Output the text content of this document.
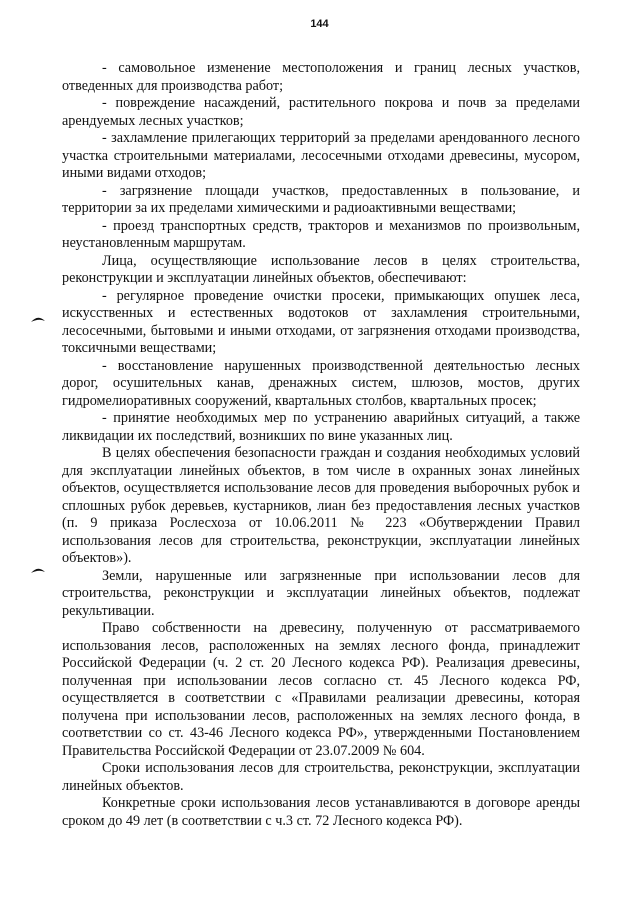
144

- самовольное изменение местоположения и границ лесных участков, отведенных для производства работ;

- повреждение насаждений, растительного покрова и почв за пределами арендуемых лесных участков;

- захламление прилегающих территорий за пределами арендованного лесного участка строительными материалами, лесосечными отходами древесины, мусором, иными видами отходов;

- загрязнение площади участков, предоставленных в пользование, и территории за их пределами химическими и радиоактивными веществами;

- проезд транспортных средств, тракторов и механизмов по произвольным, неустановленным маршрутам.

Лица, осуществляющие использование лесов в целях строительства, реконструкции и эксплуатации линейных объектов, обеспечивают:

- регулярное проведение очистки просеки, примыкающих опушек леса, искусственных и естественных водотоков от захламления строительными, лесосечными, бытовыми и иными отходами, от загрязнения отходами производства, токсичными веществами;

- восстановление нарушенных производственной деятельностью лесных дорог, осушительных канав, дренажных систем, шлюзов, мостов, других гидромелиоративных сооружений, квартальных столбов, квартальных просек;

- принятие необходимых мер по устранению аварийных ситуаций, а также ликвидации их последствий, возникших по вине указанных лиц.

В целях обеспечения безопасности граждан и создания необходимых условий для эксплуатации линейных объектов, в том числе в охранных зонах линейных объектов, осуществляется использование лесов для проведения выборочных рубок и сплошных рубок деревьев, кустарников, лиан без предоставления лесных участков (п. 9 приказа Рослесхоза от 10.06.2011 № 223 «Обутверждении Правил использования лесов для строительства, реконструкции, эксплуатации линейных объектов»).

Земли, нарушенные или загрязненные при использовании лесов для строительства, реконструкции и эксплуатации линейных объектов, подлежат рекультивации.

Право собственности на древесину, полученную от рассматриваемого использования лесов, расположенных на землях лесного фонда, принадлежит Российской Федерации (ч. 2 ст. 20 Лесного кодекса РФ). Реализация древесины, полученная при использовании лесов согласно ст. 45 Лесного кодекса РФ, осуществляется в соответствии с «Правилами реализации древесины, которая получена при использовании лесов, расположенных на землях лесного фонда, в соответствии со ст. 43-46 Лесного кодекса РФ», утвержденными Постановлением Правительства Российской Федерации от 23.07.2009 № 604.

Сроки использования лесов для строительства, реконструкции, эксплуатации линейных объектов.

Конкретные сроки использования лесов устанавливаются в договоре аренды сроком до 49 лет (в соответствии с ч.3 ст. 72 Лесного кодекса РФ).
